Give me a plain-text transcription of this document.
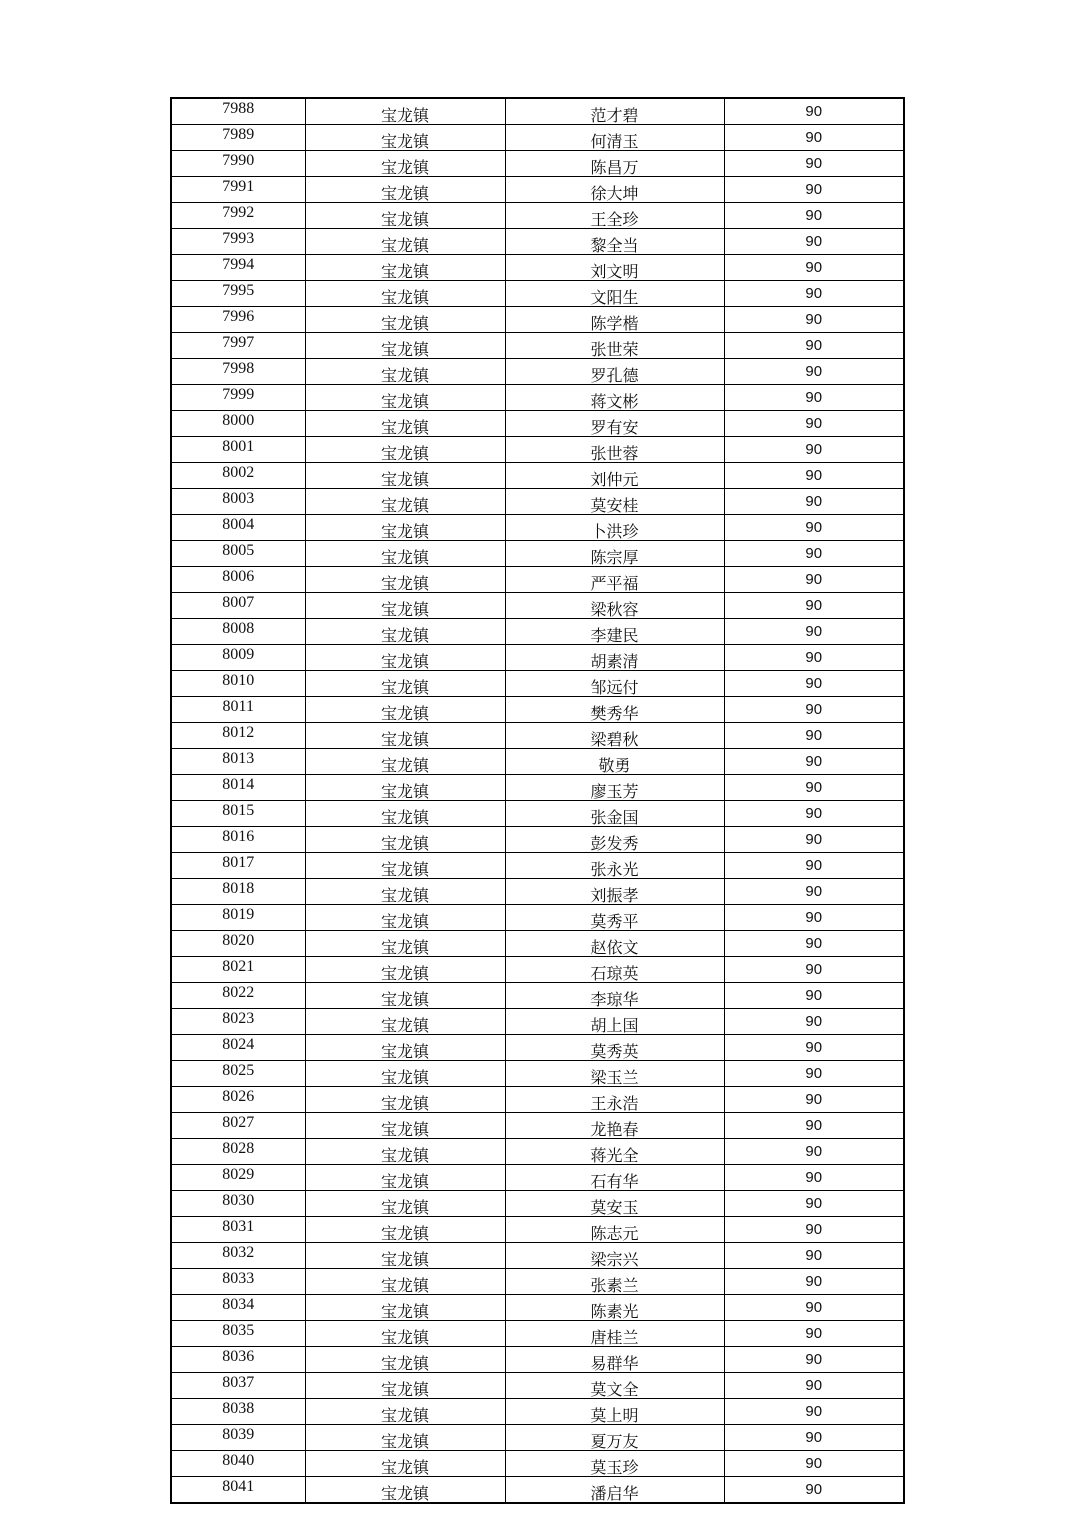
7988	宝龙镇	范才碧	90
7989	宝龙镇	何清玉	90
7990	宝龙镇	陈昌万	90
7991	宝龙镇	徐大坤	90
7992	宝龙镇	王全珍	90
7993	宝龙镇	黎全当	90
7994	宝龙镇	刘文明	90
7995	宝龙镇	文阳生	90
7996	宝龙镇	陈学楷	90
7997	宝龙镇	张世荣	90
7998	宝龙镇	罗孔德	90
7999	宝龙镇	蒋文彬	90
8000	宝龙镇	罗有安	90
8001	宝龙镇	张世蓉	90
8002	宝龙镇	刘仲元	90
8003	宝龙镇	莫安桂	90
8004	宝龙镇	卜洪珍	90
8005	宝龙镇	陈宗厚	90
8006	宝龙镇	严平福	90
8007	宝龙镇	梁秋容	90
8008	宝龙镇	李建民	90
8009	宝龙镇	胡素清	90
8010	宝龙镇	邹远付	90
8011	宝龙镇	樊秀华	90
8012	宝龙镇	梁碧秋	90
8013	宝龙镇	敬勇	90
8014	宝龙镇	廖玉芳	90
8015	宝龙镇	张金国	90
8016	宝龙镇	彭发秀	90
8017	宝龙镇	张永光	90
8018	宝龙镇	刘振孝	90
8019	宝龙镇	莫秀平	90
8020	宝龙镇	赵依文	90
8021	宝龙镇	石琼英	90
8022	宝龙镇	李琼华	90
8023	宝龙镇	胡上国	90
8024	宝龙镇	莫秀英	90
8025	宝龙镇	梁玉兰	90
8026	宝龙镇	王永浩	90
8027	宝龙镇	龙艳春	90
8028	宝龙镇	蒋光全	90
8029	宝龙镇	石有华	90
8030	宝龙镇	莫安玉	90
8031	宝龙镇	陈志元	90
8032	宝龙镇	梁宗兴	90
8033	宝龙镇	张素兰	90
8034	宝龙镇	陈素光	90
8035	宝龙镇	唐桂兰	90
8036	宝龙镇	易群华	90
8037	宝龙镇	莫文全	90
8038	宝龙镇	莫上明	90
8039	宝龙镇	夏万友	90
8040	宝龙镇	莫玉珍	90
8041	宝龙镇	潘启华	90
